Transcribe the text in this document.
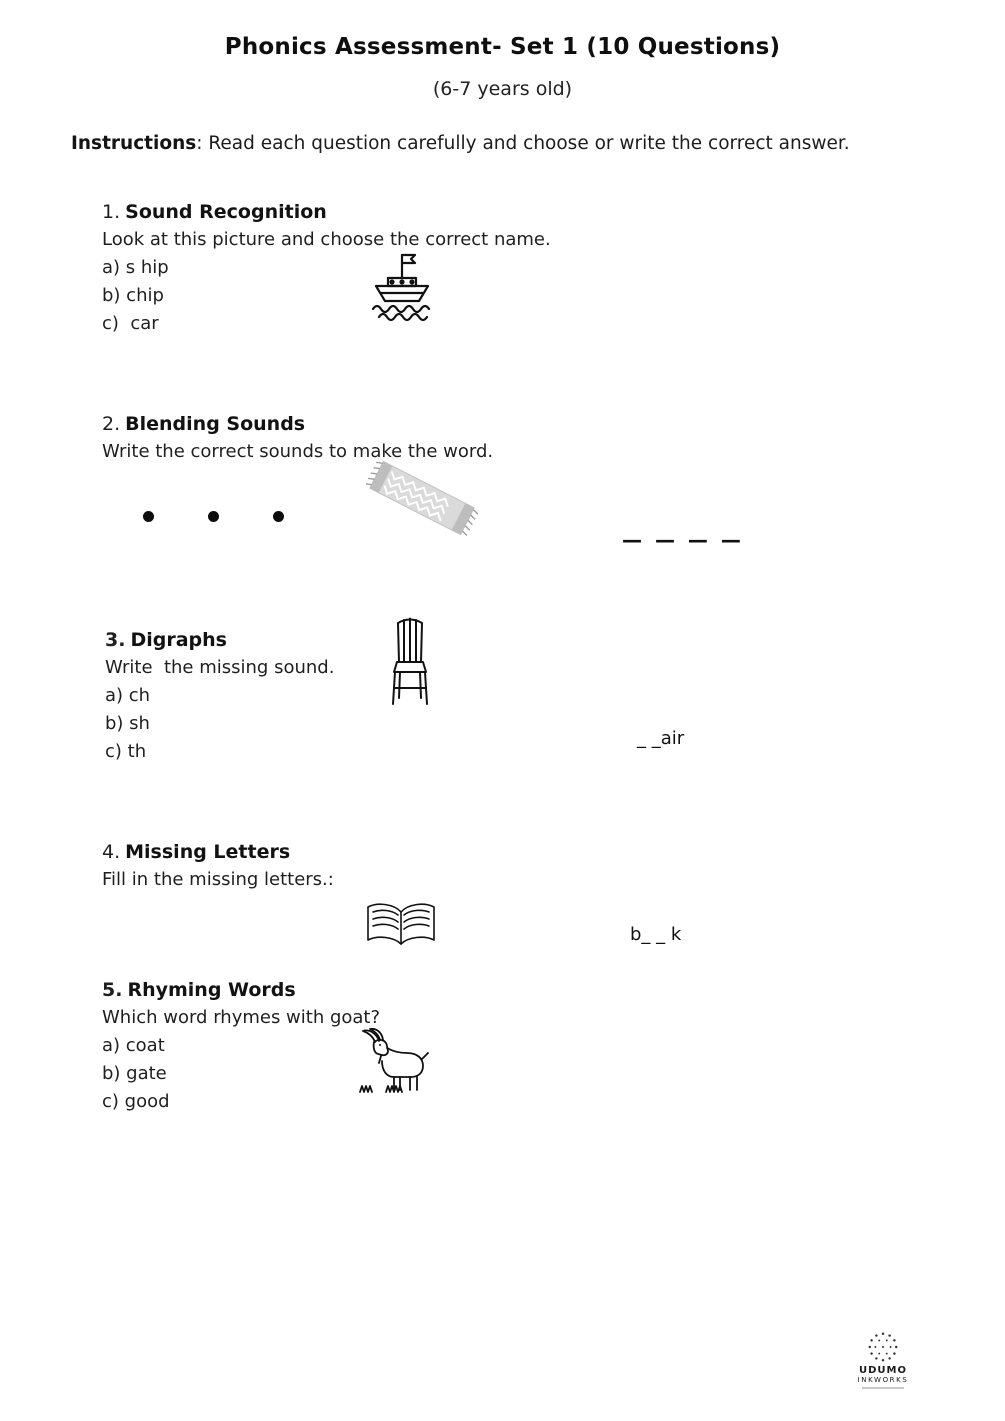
Phonics Assessment- Set 1 (10 Questions)
(6-7 years old)

Instructions: Read each question carefully and choose or write the correct answer.

1. Sound Recognition
Look at this picture and choose the correct name.
a) s hip
b) chip
c)  car
2. Blending Sounds
Write the correct sounds to make the word.
— — — —
3. Digraphs
Write  the missing sound.
a) ch
b) sh
c) th
_ _air
4. Missing Letters
Fill in the missing letters.:
b_ _ k
5. Rhyming Words
Which word rhymes with goat?
a) coat
b) gate
c) good
UDUMO
INKWORKS
